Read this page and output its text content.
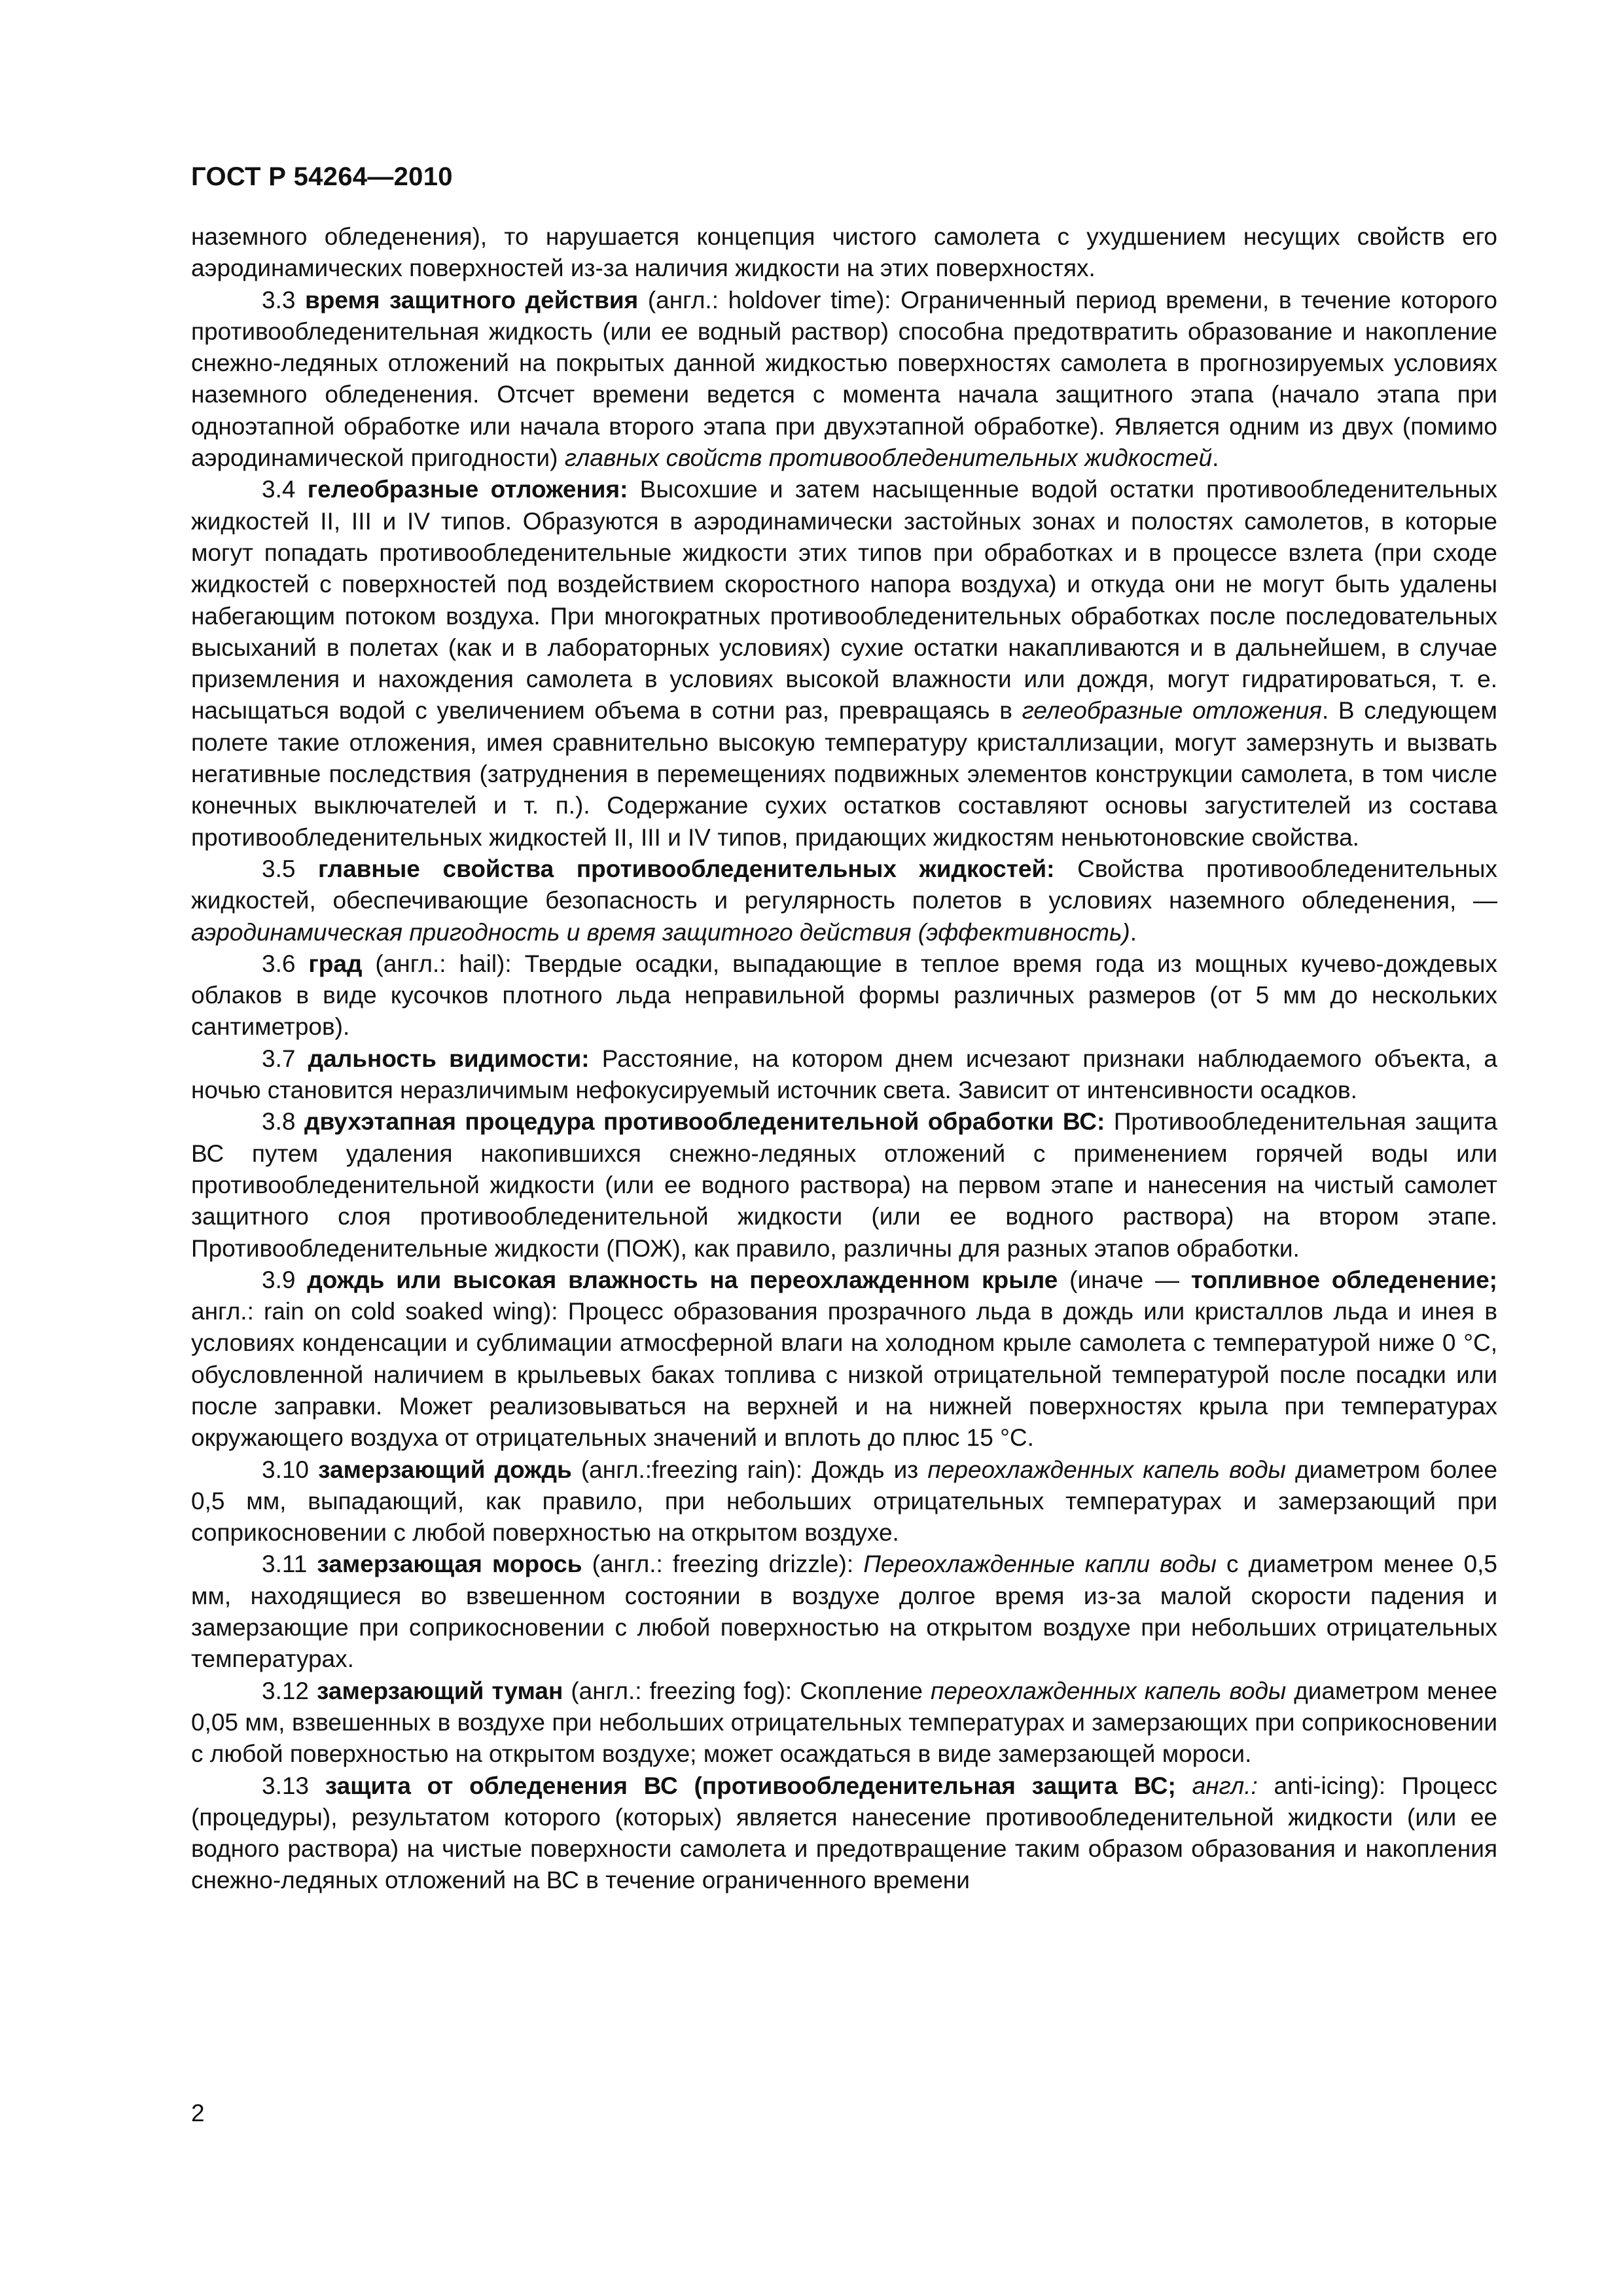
ГОСТ Р 54264—2010

наземного обледенения), то нарушается концепция чистого самолета с ухудшением несущих свойств его аэродинамических поверхностей из-за наличия жидкости на этих поверхностях.

3.3 время защитного действия (англ.: holdover time): Ограниченный период времени, в течение которого противообледенительная жидкость (или ее водный раствор) способна предотвратить образование и накопление снежно-ледяных отложений на покрытых данной жидкостью поверхностях самолета в прогнозируемых условиях наземного обледенения. Отсчет времени ведется с момента начала защитного этапа (начало этапа при одноэтапной обработке или начала второго этапа при двухэтапной обработке). Является одним из двух (помимо аэродинамической пригодности) главных свойств противообледенительных жидкостей.

3.4 гелеобразные отложения: Высохшие и затем насыщенные водой остатки противообледенительных жидкостей II, III и IV типов. Образуются в аэродинамически застойных зонах и полостях самолетов, в которые могут попадать противообледенительные жидкости этих типов при обработках и в процессе взлета (при сходе жидкостей с поверхностей под воздействием скоростного напора воздуха) и откуда они не могут быть удалены набегающим потоком воздуха. При многократных противообледенительных обработках после последовательных высыханий в полетах (как и в лабораторных условиях) сухие остатки накапливаются и в дальнейшем, в случае приземления и нахождения самолета в условиях высокой влажности или дождя, могут гидратироваться, т. е. насыщаться водой с увеличением объема в сотни раз, превращаясь в гелеобразные отложения. В следующем полете такие отложения, имея сравнительно высокую температуру кристаллизации, могут замерзнуть и вызвать негативные последствия (затруднения в перемещениях подвижных элементов конструкции самолета, в том числе конечных выключателей и т. п.). Содержание сухих остатков составляют основы загустителей из состава противообледенительных жидкостей II, III и IV типов, придающих жидкостям неньютоновские свойства.

3.5 главные свойства противообледенительных жидкостей: Свойства противообледенительных жидкостей, обеспечивающие безопасность и регулярность полетов в условиях наземного обледенения, — аэродинамическая пригодность и время защитного действия (эффективность).

3.6 град (англ.: hail): Твердые осадки, выпадающие в теплое время года из мощных кучево-дождевых облаков в виде кусочков плотного льда неправильной формы различных размеров (от 5 мм до нескольких сантиметров).

3.7 дальность видимости: Расстояние, на котором днем исчезают признаки наблюдаемого объекта, а ночью становится неразличимым нефокусируемый источник света. Зависит от интенсивности осадков.

3.8 двухэтапная процедура противообледенительной обработки ВС: Противообледенительная защита ВС путем удаления накопившихся снежно-ледяных отложений с применением горячей воды или противообледенительной жидкости (или ее водного раствора) на первом этапе и нанесения на чистый самолет защитного слоя противообледенительной жидкости (или ее водного раствора) на втором этапе. Противообледенительные жидкости (ПОЖ), как правило, различны для разных этапов обработки.

3.9 дождь или высокая влажность на переохлажденном крыле (иначе — топливное обледенение; англ.: rain on cold soaked wing): Процесс образования прозрачного льда в дождь или кристаллов льда и инея в условиях конденсации и сублимации атмосферной влаги на холодном крыле самолета с температурой ниже 0 °С, обусловленной наличием в крыльевых баках топлива с низкой отрицательной температурой после посадки или после заправки. Может реализовываться на верхней и на нижней поверхностях крыла при температурах окружающего воздуха от отрицательных значений и вплоть до плюс 15 °С.

3.10 замерзающий дождь (англ.:freezing rain): Дождь из переохлажденных капель воды диаметром более 0,5 мм, выпадающий, как правило, при небольших отрицательных температурах и замерзающий при соприкосновении с любой поверхностью на открытом воздухе.

3.11 замерзающая морось (англ.: freezing drizzle): Переохлажденные капли воды с диаметром менее 0,5 мм, находящиеся во взвешенном состоянии в воздухе долгое время из-за малой скорости падения и замерзающие при соприкосновении с любой поверхностью на открытом воздухе при небольших отрицательных температурах.

3.12 замерзающий туман (англ.: freezing fog): Скопление переохлажденных капель воды диаметром менее 0,05 мм, взвешенных в воздухе при небольших отрицательных температурах и замерзающих при соприкосновении с любой поверхностью на открытом воздухе; может осаждаться в виде замерзающей мороси.

3.13 защита от обледенения ВС (противообледенительная защита ВС; англ.: anti-icing): Процесс (процедуры), результатом которого (которых) является нанесение противообледенительной жидкости (или ее водного раствора) на чистые поверхности самолета и предотвращение таким образом образования и накопления снежно-ледяных отложений на ВС в течение ограниченного времени

2
